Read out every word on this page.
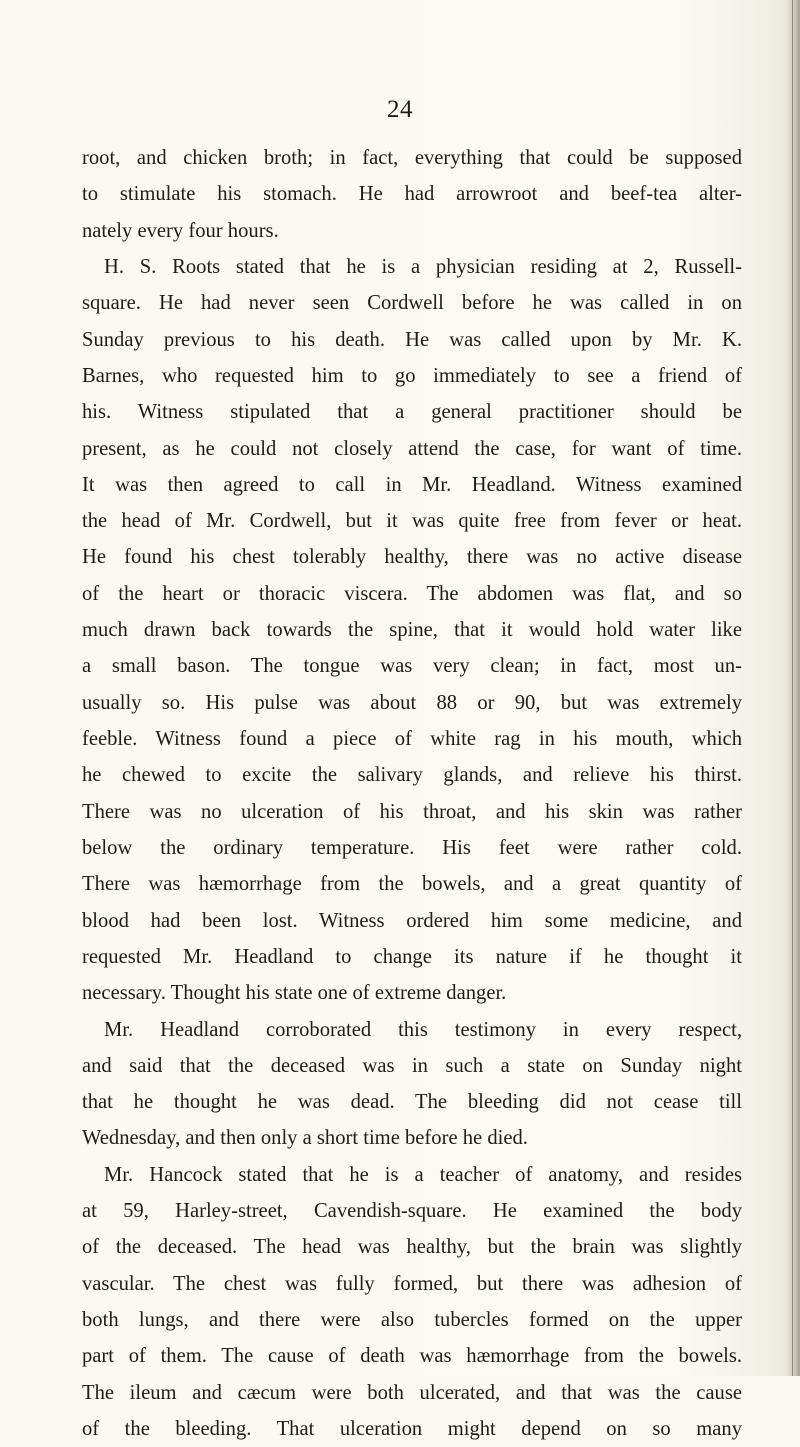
24
root, and chicken broth; in fact, everything that could be supposed
to stimulate his stomach. He had arrowroot and beef-tea alter-
nately every four hours.
H. S. Roots stated that he is a physician residing at 2, Russell-
square. He had never seen Cordwell before he was called in on
Sunday previous to his death. He was called upon by Mr. K.
Barnes, who requested him to go immediately to see a friend of
his. Witness stipulated that a general practitioner should be
present, as he could not closely attend the case, for want of time.
It was then agreed to call in Mr. Headland. Witness examined
the head of Mr. Cordwell, but it was quite free from fever or heat.
He found his chest tolerably healthy, there was no active disease
of the heart or thoracic viscera. The abdomen was flat, and so
much drawn back towards the spine, that it would hold water like
a small bason. The tongue was very clean; in fact, most un-
usually so. His pulse was about 88 or 90, but was extremely
feeble. Witness found a piece of white rag in his mouth, which
he chewed to excite the salivary glands, and relieve his thirst.
There was no ulceration of his throat, and his skin was rather
below the ordinary temperature. His feet were rather cold.
There was hæmorrhage from the bowels, and a great quantity of
blood had been lost. Witness ordered him some medicine, and
requested Mr. Headland to change its nature if he thought it
necessary. Thought his state one of extreme danger.
Mr. Headland corroborated this testimony in every respect,
and said that the deceased was in such a state on Sunday night
that he thought he was dead. The bleeding did not cease till
Wednesday, and then only a short time before he died.
Mr. Hancock stated that he is a teacher of anatomy, and resides
at 59, Harley-street, Cavendish-square. He examined the body
of the deceased. The head was healthy, but the brain was slightly
vascular. The chest was fully formed, but there was adhesion of
both lungs, and there were also tubercles formed on the upper
part of them. The cause of death was hæmorrhage from the bowels.
The ileum and cæcum were both ulcerated, and that was the cause
of the bleeding. That ulceration might depend on so many
